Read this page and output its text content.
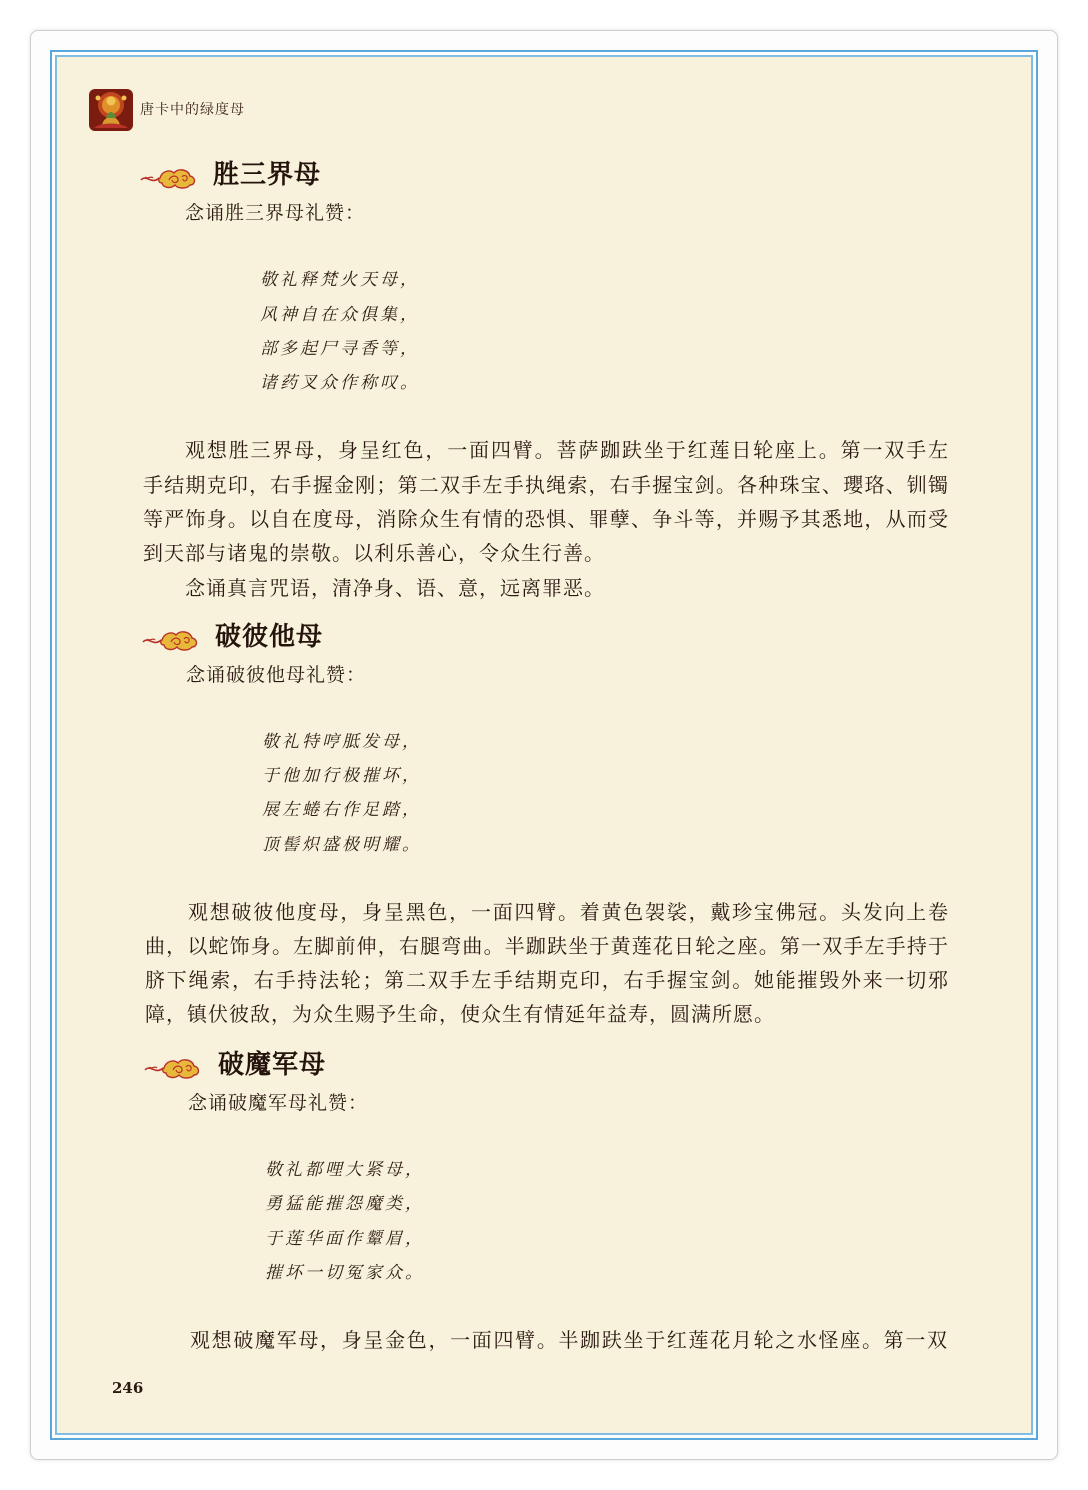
唐卡中的绿度母
胜三界母
念诵胜三界母礼赞：
敬礼释梵火天母，
风神自在众俱集，
部多起尸寻香等，
诸药叉众作称叹。
观想胜三界母，身呈红色，一面四臂。菩萨跏趺坐于红莲日轮座上。第一双手左
手结期克印，右手握金刚；第二双手左手执绳索，右手握宝剑。各种珠宝、瓔珞、钏镯
等严饰身。以自在度母，消除众生有情的恐惧、罪孽、争斗等，并赐予其悉地，从而受
到天部与诸鬼的崇敬。以利乐善心，令众生行善。
念诵真言咒语，清净身、语、意，远离罪恶。
破彼他母
念诵破彼他母礼赞：
敬礼特哼胝发母，
于他加行极摧坏，
展左蜷右作足踏，
顶髻炽盛极明耀。
观想破彼他度母，身呈黑色，一面四臂。着黄色袈裟，戴珍宝佛冠。头发向上卷
曲，以蛇饰身。左脚前伸，右腿弯曲。半跏趺坐于黄莲花日轮之座。第一双手左手持于
脐下绳索，右手持法轮；第二双手左手结期克印，右手握宝剑。她能摧毁外来一切邪
障，镇伏彼敌，为众生赐予生命，使众生有情延年益寿，圆满所愿。
破魔军母
念诵破魔军母礼赞：
敬礼都哩大紧母，
勇猛能摧怨魔类，
于莲华面作颦眉，
摧坏一切冤家众。
观想破魔军母，身呈金色，一面四臂。半跏趺坐于红莲花月轮之水怪座。第一双
246
